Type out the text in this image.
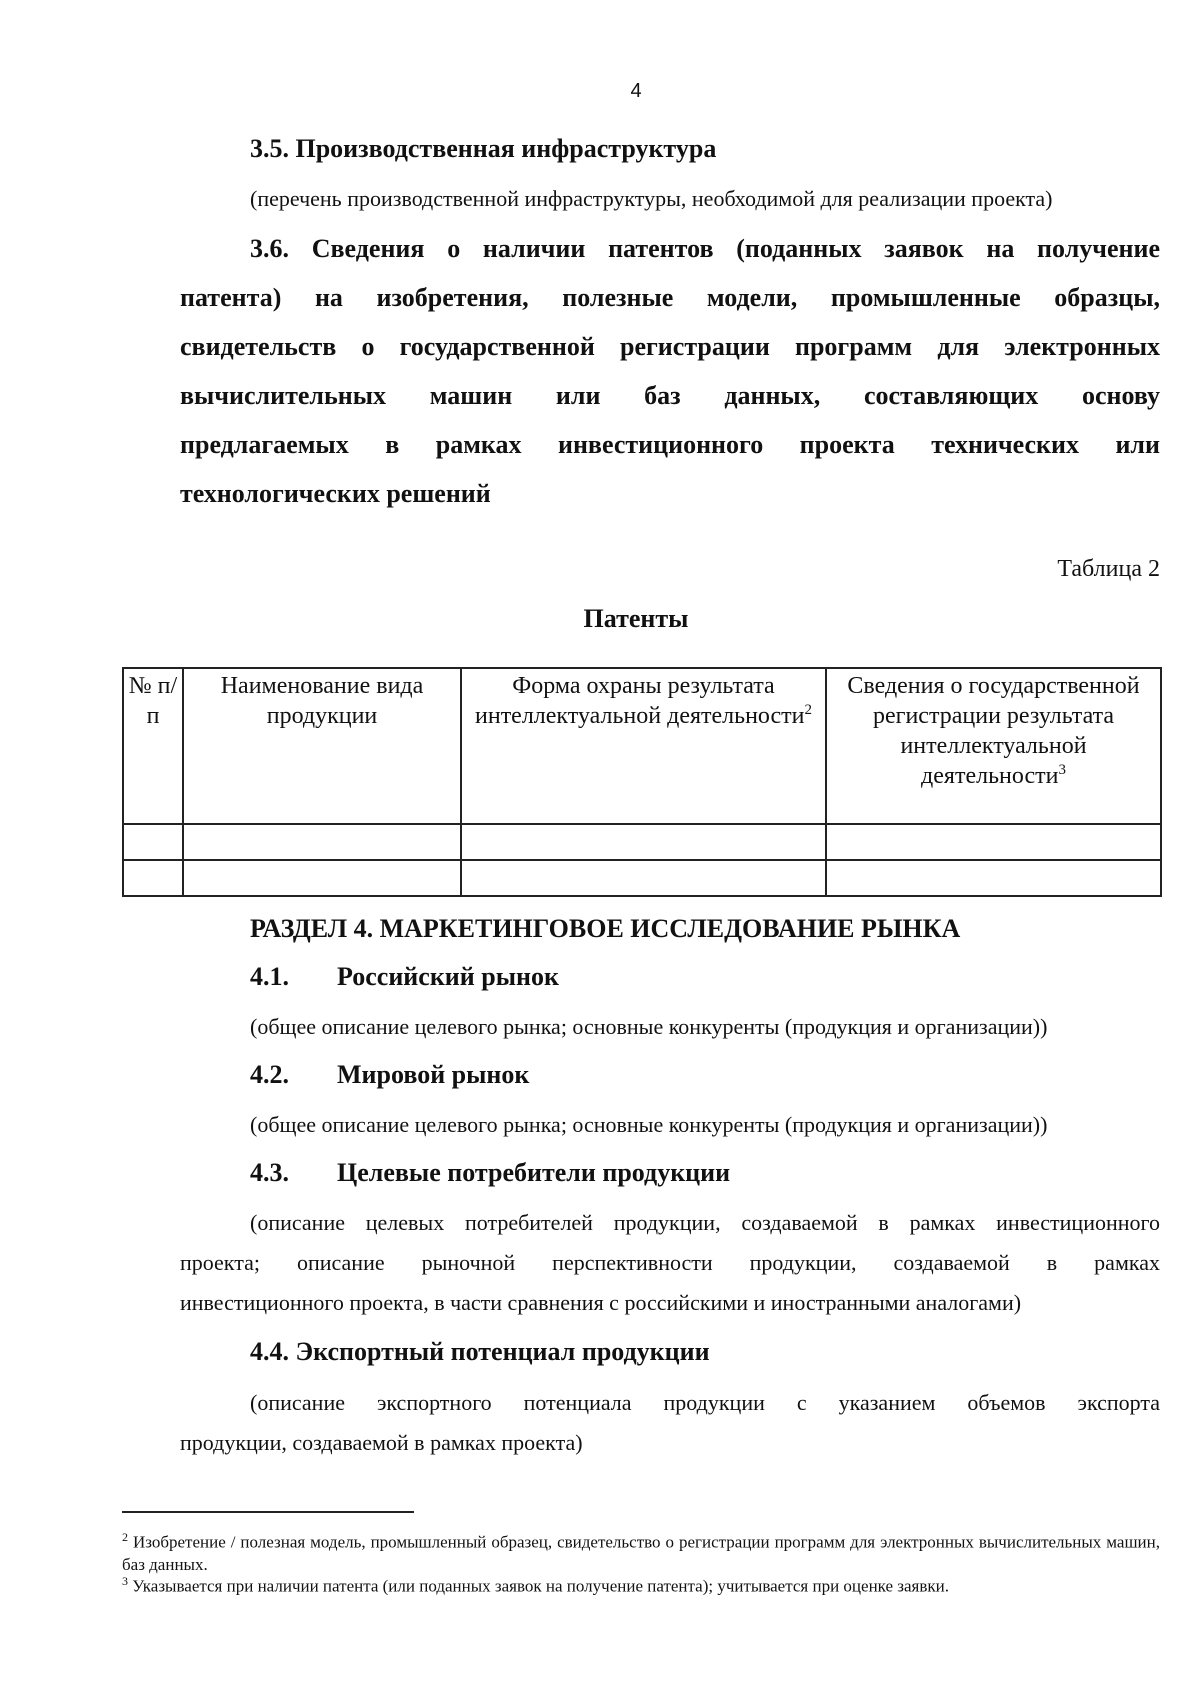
4
3.5. Производственная инфраструктура
(перечень производственной инфраструктуры, необходимой для реализации проекта)
3.6. Сведения о наличии патентов (поданных заявок на получение
патента) на изобретения, полезные модели, промышленные образцы,
свидетельств о государственной регистрации программ для электронных
вычислительных машин или баз данных, составляющих основу
предлагаемых в рамках инвестиционного проекта технических или
технологических решений
Таблица 2
Патенты
№ п/п	Наименование вида продукции	Форма охраны результата интеллектуальной деятельности$^2$	Сведения о государственной регистрации результата интеллектуальной деятельности$^3$

РАЗДЕЛ 4. МАРКЕТИНГОВОЕ ИССЛЕДОВАНИЕ РЫНКА
4.1. Российский рынок
(общее описание целевого рынка; основные конкуренты (продукция и организации))
4.2. Мировой рынок
(общее описание целевого рынка; основные конкуренты (продукция и организации))
4.3. Целевые потребители продукции
(описание целевых потребителей продукции, создаваемой в рамках инвестиционного
проекта; описание рыночной перспективности продукции, создаваемой в рамках
инвестиционного проекта, в части сравнения с российскими и иностранными аналогами)
4.4. Экспортный потенциал продукции
(описание экспортного потенциала продукции с указанием объемов экспорта
продукции, создаваемой в рамках проекта)
$^2$ Изобретение / полезная модель, промышленный образец, свидетельство о регистрации программ для электронных вычислительных машин, баз данных.
$^3$ Указывается при наличии патента (или поданных заявок на получение патента); учитывается при оценке заявки.
